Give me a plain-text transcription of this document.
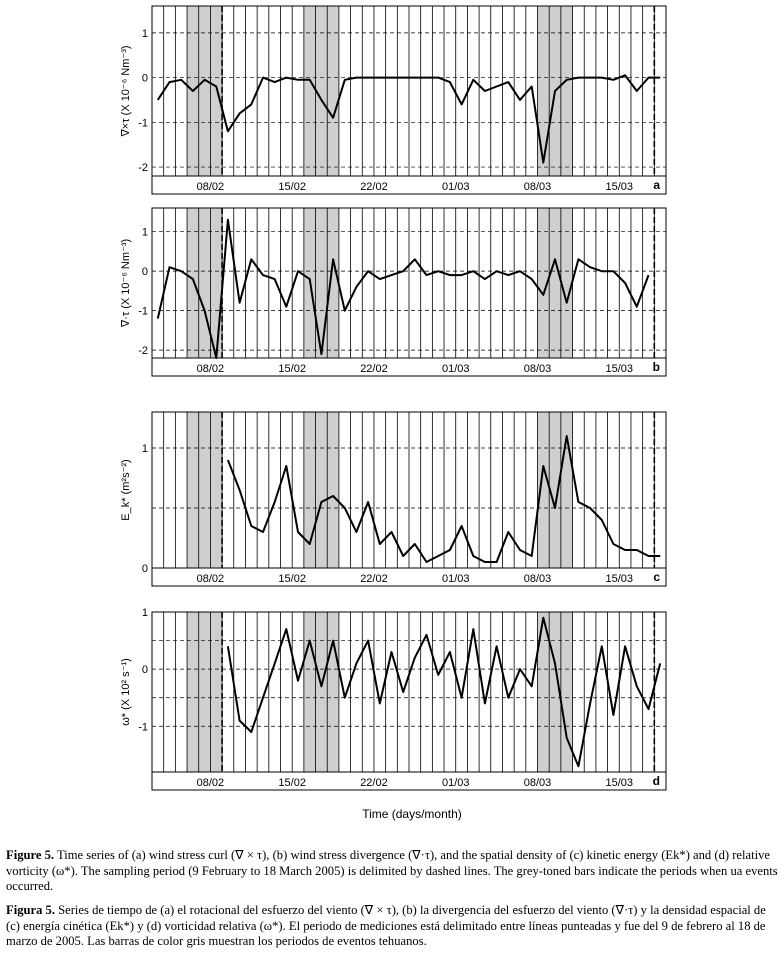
-2
-1
0
1
08/02	15/02	22/02	01/03	08/03	15/03
∇×τ (X 10⁻⁶ Nm⁻³)
a
-2
-1
0
1
08/02	15/02	22/02	01/03	08/03	15/03
∇·τ (X 10⁻⁶ Nm⁻³)
b
0
1
08/02	15/02	22/02	01/03	08/03	15/03
E_k* (m²s⁻²)
c
-1
0
1
08/02	15/02	22/02	01/03	08/03	15/03
ω* (X 10² s⁻¹)
d
Time (days/month)

Figure 5. Time series of (a) wind stress curl (∇ × τ), (b) wind stress divergence (∇·τ), and the spatial density of (c) kinetic energy (Ek*) and (d) relative vorticity (ω*). The sampling period (9 February to 18 March 2005) is delimited by dashed lines. The grey-toned bars indicate the periods when ua events occurred.

Figura 5. Series de tiempo de (a) el rotacional del esfuerzo del viento (∇ × τ), (b) la divergencia del esfuerzo del viento (∇·τ) y la densidad espacial de (c) energía cinética (Ek*) y (d) vorticidad relativa (ω*). El periodo de mediciones está delimitado entre líneas punteadas y fue del 9 de febrero al 18 de marzo de 2005. Las barras de color gris muestran los periodos de eventos tehuanos.
